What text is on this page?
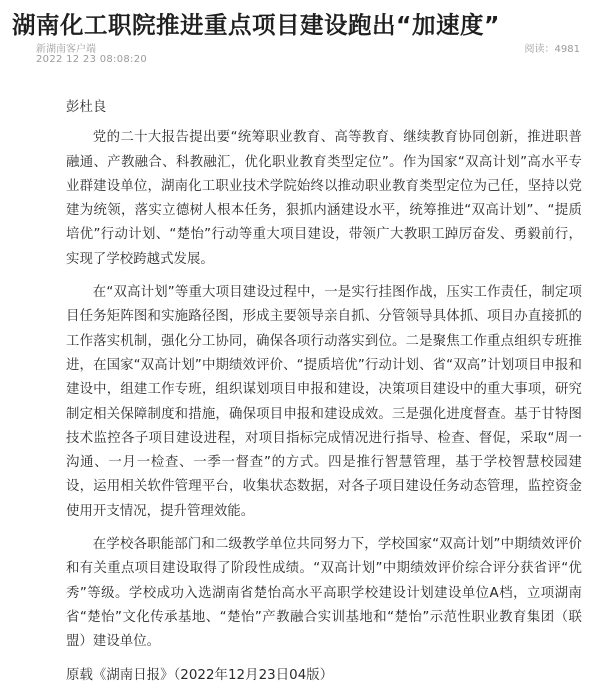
湖南化工职院推进重点项目建设跑出“加速度”
新湖南客户端
2022 12 23 08:08:20
阅读：4981

彭杜良

党的二十大报告提出要“统筹职业教育、高等教育、继续教育协同创新，推进职普融通、产教融合、科教融汇，优化职业教育类型定位”。作为国家“双高计划”高水平专业群建设单位，湖南化工职业技术学院始终以推动职业教育类型定位为己任，坚持以党建为统领，落实立德树人根本任务，狠抓内涵建设水平，统筹推进“双高计划”、“提质培优”行动计划、“楚怡”行动等重大项目建设，带领广大教职工踔厉奋发、勇毅前行，实现了学校跨越式发展。

在“双高计划”等重大项目建设过程中，一是实行挂图作战，压实工作责任，制定项目任务矩阵图和实施路径图，形成主要领导亲自抓、分管领导具体抓、项目办直接抓的工作落实机制，强化分工协同，确保各项行动落实到位。二是聚焦工作重点组织专班推进，在国家“双高计划”中期绩效评价、“提质培优”行动计划、省“双高”计划项目申报和建设中，组建工作专班，组织谋划项目申报和建设，决策项目建设中的重大事项，研究制定相关保障制度和措施，确保项目申报和建设成效。三是强化进度督查。基于甘特图技术监控各子项目建设进程，对项目指标完成情况进行指导、检查、督促，采取“周一沟通、一月一检查、一季一督查”的方式。四是推行智慧管理，基于学校智慧校园建设，运用相关软件管理平台，收集状态数据，对各子项目建设任务动态管理，监控资金使用开支情况，提升管理效能。

在学校各职能部门和二级教学单位共同努力下，学校国家“双高计划”中期绩效评价和有关重点项目建设取得了阶段性成绩。“双高计划”中期绩效评价综合评分获省评“优秀”等级。学校成功入选湖南省楚怡高水平高职学校建设计划建设单位A档，立项湖南省“楚怡”文化传承基地、“楚怡”产教融合实训基地和“楚怡”示范性职业教育集团（联盟）建设单位。

原载《湖南日报》（2022年12月23日04版）
